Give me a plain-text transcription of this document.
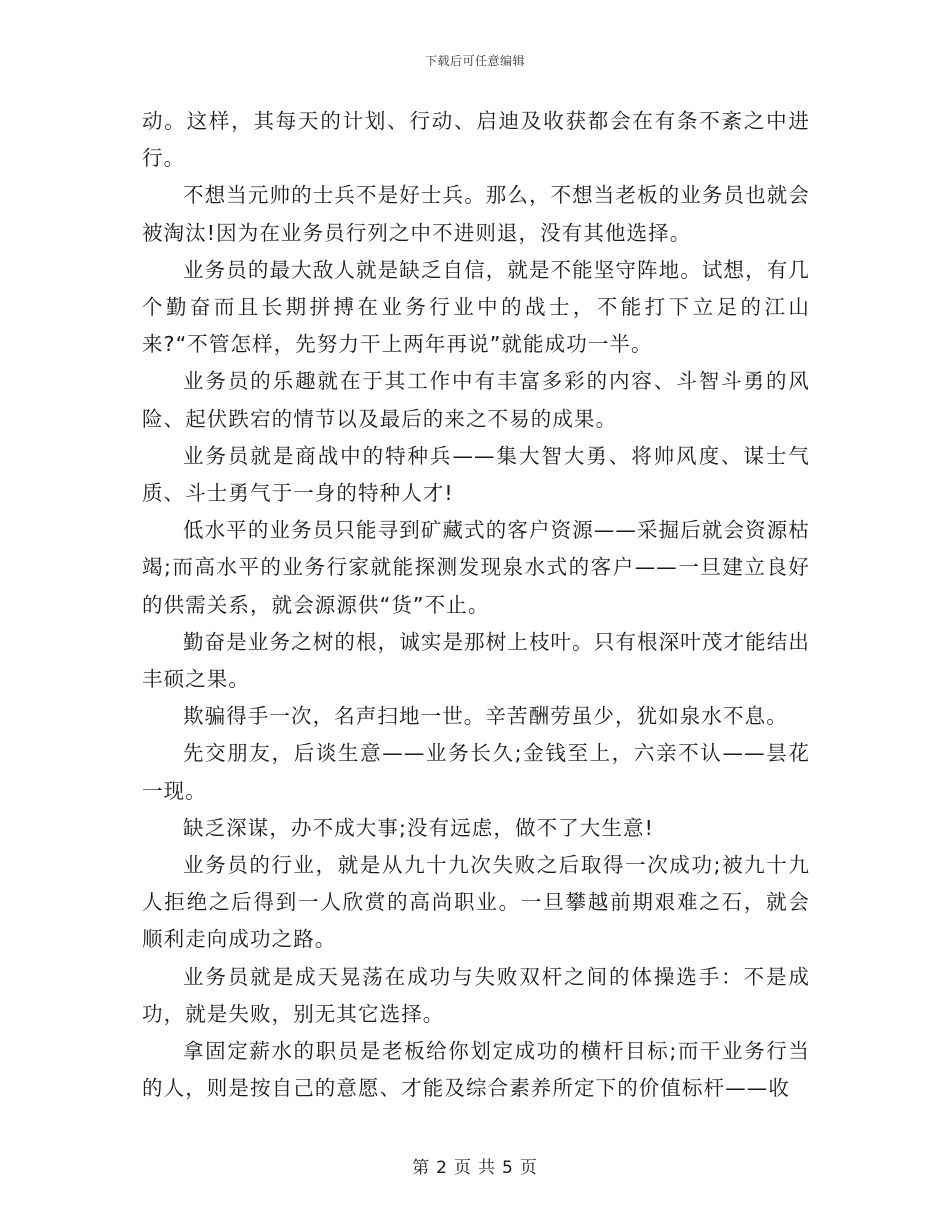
下载后可任意编辑

动。这样，其每天的计划、行动、启迪及收获都会在有条不紊之中进行。

不想当元帅的士兵不是好士兵。那么，不想当老板的业务员也就会被淘汰!因为在业务员行列之中不进则退，没有其他选择。

业务员的最大敌人就是缺乏自信，就是不能坚守阵地。试想，有几个勤奋而且长期拼搏在业务行业中的战士，不能打下立足的江山来?“不管怎样，先努力干上两年再说”就能成功一半。

业务员的乐趣就在于其工作中有丰富多彩的内容、斗智斗勇的风险、起伏跌宕的情节以及最后的来之不易的成果。

业务员就是商战中的特种兵——集大智大勇、将帅风度、谋士气质、斗士勇气于一身的特种人才!

低水平的业务员只能寻到矿藏式的客户资源——采掘后就会资源枯竭;而高水平的业务行家就能探测发现泉水式的客户——一旦建立良好的供需关系，就会源源供“货”不止。

勤奋是业务之树的根，诚实是那树上枝叶。只有根深叶茂才能结出丰硕之果。

欺骗得手一次，名声扫地一世。辛苦酬劳虽少，犹如泉水不息。

先交朋友，后谈生意——业务长久;金钱至上，六亲不认——昙花一现。

缺乏深谋，办不成大事;没有远虑，做不了大生意!

业务员的行业，就是从九十九次失败之后取得一次成功;被九十九人拒绝之后得到一人欣赏的高尚职业。一旦攀越前期艰难之石，就会顺利走向成功之路。

业务员就是成天晃荡在成功与失败双杆之间的体操选手：不是成功，就是失败，别无其它选择。

拿固定薪水的职员是老板给你划定成功的横杆目标;而干业务行当的人，则是按自己的意愿、才能及综合素养所定下的价值标杆——收

第 2 页 共 5 页
